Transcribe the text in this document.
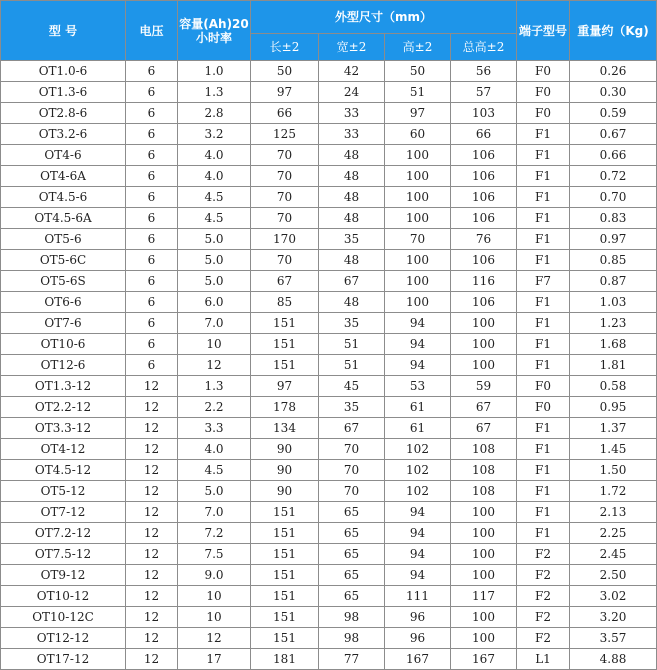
型 号	电压	容量(Ah)20小时率	外型尺寸（mm）				端子型号	重量约（Kg)
			长±2	宽±2	高±2	总高±2		
OT1.0-6	6	1.0	50	42	50	56	F0	0.26
OT1.3-6	6	1.3	97	24	51	57	F0	0.30
OT2.8-6	6	2.8	66	33	97	103	F0	0.59
OT3.2-6	6	3.2	125	33	60	66	F1	0.67
OT4-6	6	4.0	70	48	100	106	F1	0.66
OT4-6A	6	4.0	70	48	100	106	F1	0.72
OT4.5-6	6	4.5	70	48	100	106	F1	0.70
OT4.5-6A	6	4.5	70	48	100	106	F1	0.83
OT5-6	6	5.0	170	35	70	76	F1	0.97
OT5-6C	6	5.0	70	48	100	106	F1	0.85
OT5-6S	6	5.0	67	67	100	116	F7	0.87
OT6-6	6	6.0	85	48	100	106	F1	1.03
OT7-6	6	7.0	151	35	94	100	F1	1.23
OT10-6	6	10	151	51	94	100	F1	1.68
OT12-6	6	12	151	51	94	100	F1	1.81
OT1.3-12	12	1.3	97	45	53	59	F0	0.58
OT2.2-12	12	2.2	178	35	61	67	F0	0.95
OT3.3-12	12	3.3	134	67	61	67	F1	1.37
OT4-12	12	4.0	90	70	102	108	F1	1.45
OT4.5-12	12	4.5	90	70	102	108	F1	1.50
OT5-12	12	5.0	90	70	102	108	F1	1.72
OT7-12	12	7.0	151	65	94	100	F1	2.13
OT7.2-12	12	7.2	151	65	94	100	F1	2.25
OT7.5-12	12	7.5	151	65	94	100	F2	2.45
OT9-12	12	9.0	151	65	94	100	F2	2.50
OT10-12	12	10	151	65	111	117	F2	3.02
OT10-12C	12	10	151	98	96	100	F2	3.20
OT12-12	12	12	151	98	96	100	F2	3.57
OT17-12	12	17	181	77	167	167	L1	4.88
